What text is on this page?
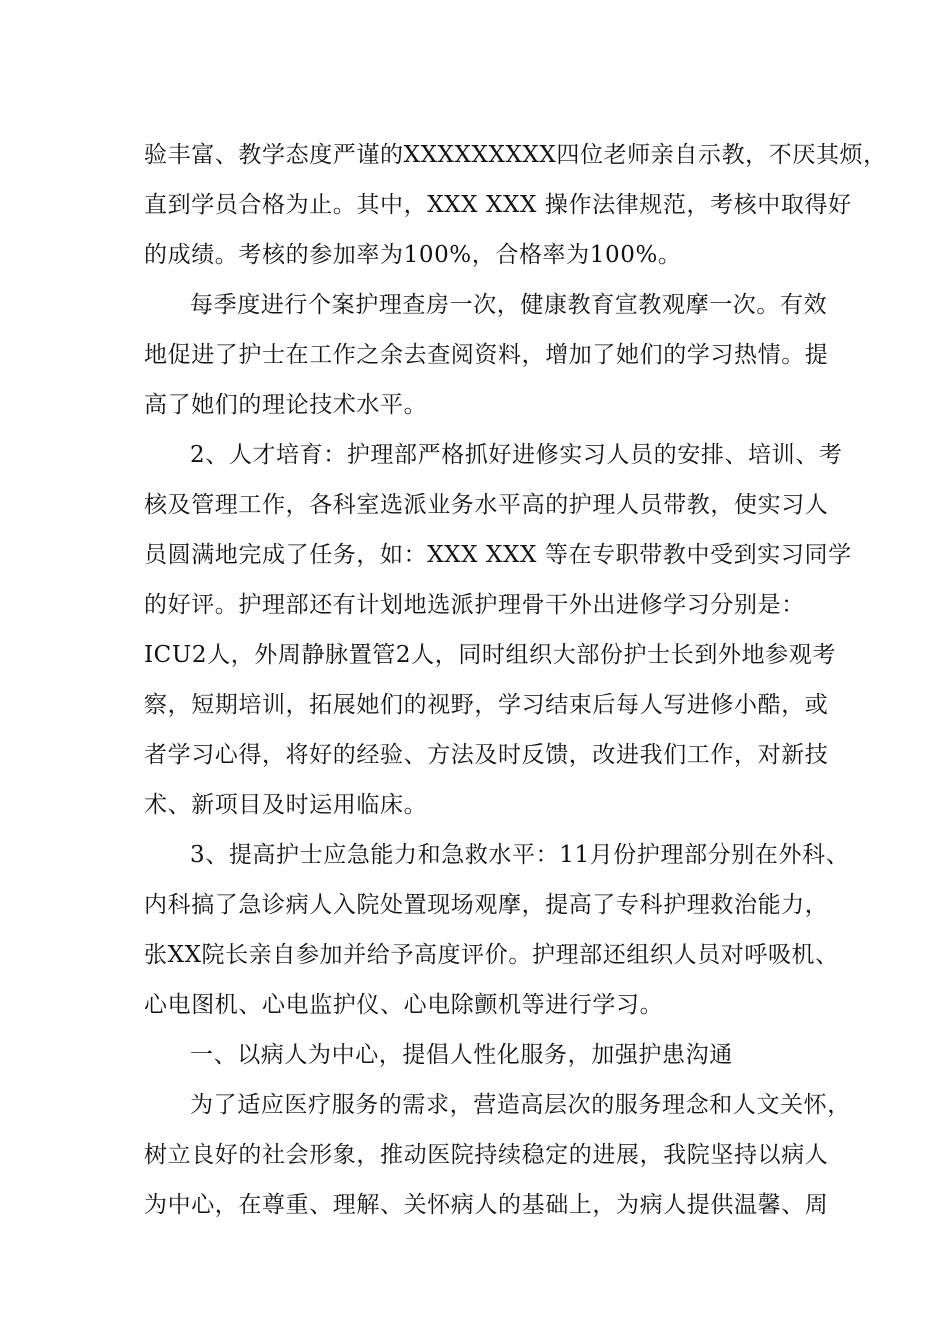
验丰富、教学态度严谨的XXXXXXXXX四位老师亲自示教，不厌其烦，
直到学员合格为止。其中，XXX XXX 操作法律规范，考核中取得好
的成绩。考核的参加率为100%，合格率为100%。
每季度进行个案护理查房一次，健康教育宣教观摩一次。有效
地促进了护士在工作之余去查阅资料，增加了她们的学习热情。提
高了她们的理论技术水平。
2、人才培育：护理部严格抓好进修实习人员的安排、培训、考
核及管理工作，各科室选派业务水平高的护理人员带教，使实习人
员圆满地完成了任务，如：XXX XXX 等在专职带教中受到实习同学
的好评。护理部还有计划地选派护理骨干外出进修学习分别是：
ICU2人，外周静脉置管2人，同时组织大部份护士长到外地参观考
察，短期培训，拓展她们的视野，学习结束后每人写进修小酷，或
者学习心得，将好的经验、方法及时反馈，改进我们工作，对新技
术、新项目及时运用临床。
3、提高护士应急能力和急救水平：11月份护理部分别在外科、
内科搞了急诊病人入院处置现场观摩，提高了专科护理救治能力，
张XX院长亲自参加并给予高度评价。护理部还组织人员对呼吸机、
心电图机、心电监护仪、心电除颤机等进行学习。
一、以病人为中心，提倡人性化服务，加强护患沟通
为了适应医疗服务的需求，营造高层次的服务理念和人文关怀，
树立良好的社会形象，推动医院持续稳定的进展，我院坚持以病人
为中心，在尊重、理解、关怀病人的基础上，为病人提供温馨、周
